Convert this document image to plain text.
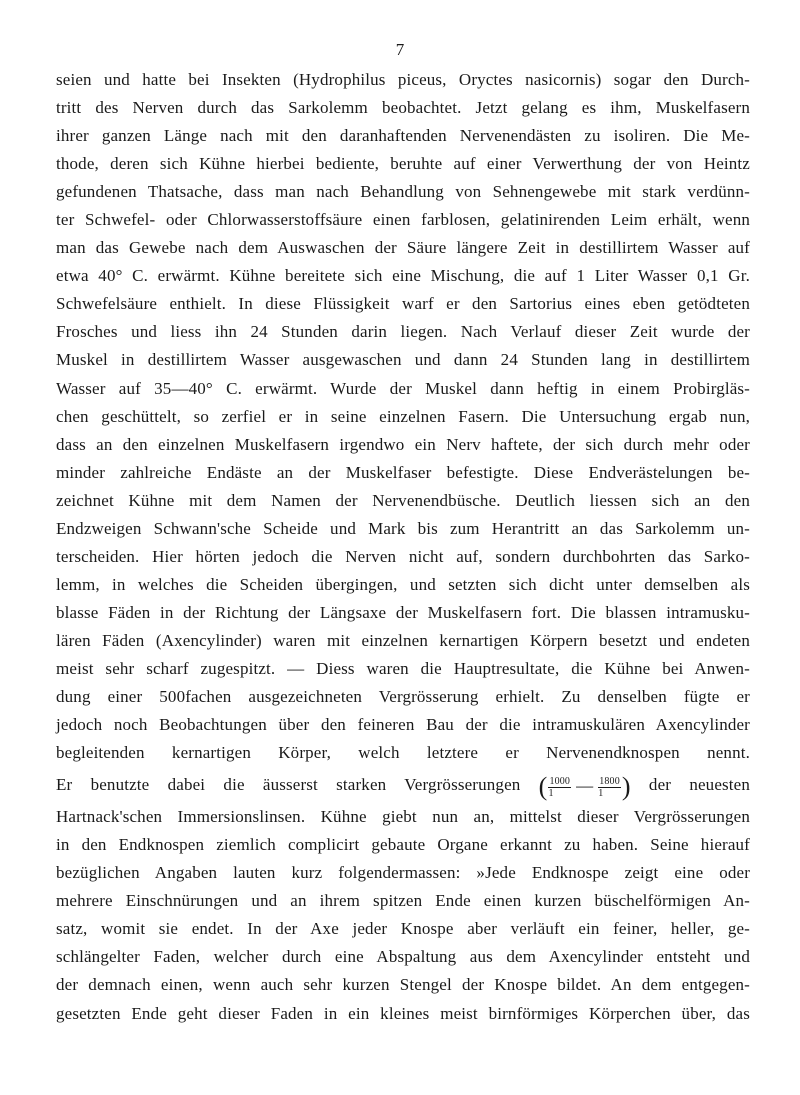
7
seien und hatte bei Insekten (Hydrophilus piceus, Oryctes nasicornis) sogar den Durch-
tritt des Nerven durch das Sarkolemm beobachtet. Jetzt gelang es ihm, Muskelfasern
ihrer ganzen Länge nach mit den daranhaftenden Nervenendästen zu isoliren. Die Me-
thode, deren sich Kühne hierbei bediente, beruhte auf einer Verwerthung der von Heintz
gefundenen Thatsache, dass man nach Behandlung von Sehnengewebe mit stark verdünn-
ter Schwefel- oder Chlorwasserstoffsäure einen farblosen, gelatinirenden Leim erhält, wenn
man das Gewebe nach dem Auswaschen der Säure längere Zeit in destillirtem Wasser auf
etwa 40° C. erwärmt. Kühne bereitete sich eine Mischung, die auf 1 Liter Wasser 0,1 Gr.
Schwefelsäure enthielt. In diese Flüssigkeit warf er den Sartorius eines eben getödteten
Frosches und liess ihn 24 Stunden darin liegen. Nach Verlauf dieser Zeit wurde der
Muskel in destillirtem Wasser ausgewaschen und dann 24 Stunden lang in destillirtem
Wasser auf 35—40° C. erwärmt. Wurde der Muskel dann heftig in einem Probirgläs-
chen geschüttelt, so zerfiel er in seine einzelnen Fasern. Die Untersuchung ergab nun,
dass an den einzelnen Muskelfasern irgendwo ein Nerv haftete, der sich durch mehr oder
minder zahlreiche Endäste an der Muskelfaser befestigte. Diese Endverästelungen be-
zeichnet Kühne mit dem Namen der Nervenendbüsche. Deutlich liessen sich an den
Endzweigen Schwann'sche Scheide und Mark bis zum Herantritt an das Sarkolemm un-
terscheiden. Hier hörten jedoch die Nerven nicht auf, sondern durchbohrten das Sarko-
lemm, in welches die Scheiden übergingen, und setzten sich dicht unter demselben als
blasse Fäden in der Richtung der Längsaxe der Muskelfasern fort. Die blassen intramusku-
lären Fäden (Axencylinder) waren mit einzelnen kernartigen Körpern besetzt und endeten
meist sehr scharf zugespitzt. — Diess waren die Hauptresultate, die Kühne bei Anwen-
dung einer 500fachen ausgezeichneten Vergrösserung erhielt. Zu denselben fügte er
jedoch noch Beobachtungen über den feineren Bau der die intramuskulären Axencylinder
begleitenden kernartigen Körper, welch letztere er Nervenendknospen nennt.
Er benutzte dabei die äusserst starken Vergrösserungen ( $\frac{1000}{1}$ — $\frac{1800}{1}$ ) der neuesten
Hartnack'schen Immersionslinsen. Kühne giebt nun an, mittelst dieser Vergrösserungen
in den Endknospen ziemlich complicirt gebaute Organe erkannt zu haben. Seine hierauf
bezüglichen Angaben lauten kurz folgendermassen: »Jede Endknospe zeigt eine oder
mehrere Einschnürungen und an ihrem spitzen Ende einen kurzen büschelförmigen An-
satz, womit sie endet. In der Axe jeder Knospe aber verläuft ein feiner, heller, ge-
schlängelter Faden, welcher durch eine Abspaltung aus dem Axencylinder entsteht und
der demnach einen, wenn auch sehr kurzen Stengel der Knospe bildet. An dem entgegen-
gesetzten Ende geht dieser Faden in ein kleines meist birnförmiges Körperchen über, das
